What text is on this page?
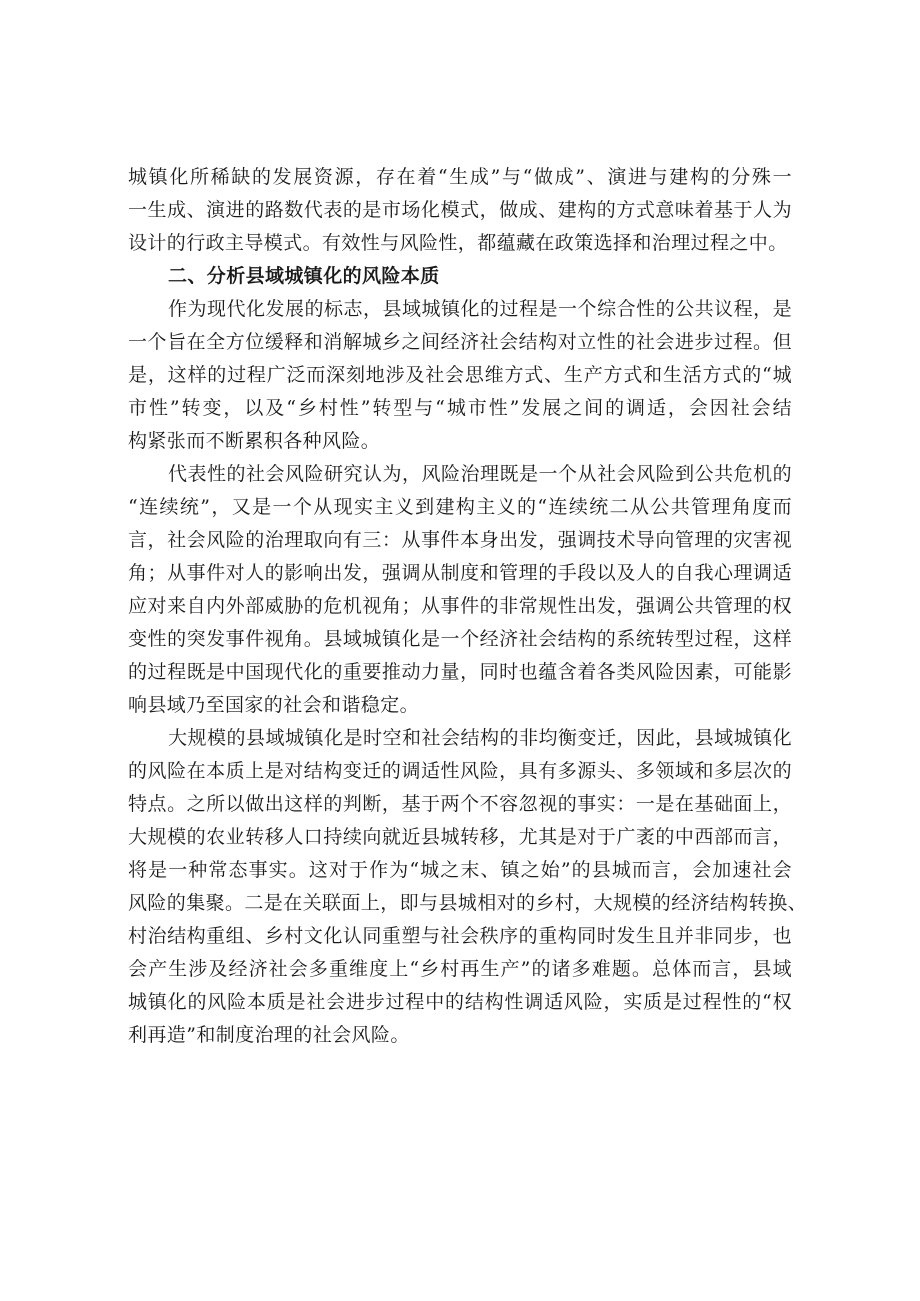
城镇化所稀缺的发展资源，存在着“生成”与“做成”、演进与建构的分殊一
一生成、演进的路数代表的是市场化模式，做成、建构的方式意味着基于人为
设计的行政主导模式。有效性与风险性，都蕴藏在政策选择和治理过程之中。
二、分析县域城镇化的风险本质
作为现代化发展的标志，县域城镇化的过程是一个综合性的公共议程，是
一个旨在全方位缓释和消解城乡之间经济社会结构对立性的社会进步过程。但
是，这样的过程广泛而深刻地涉及社会思维方式、生产方式和生活方式的“城
市性”转变，以及“乡村性”转型与“城市性”发展之间的调适，会因社会结
构紧张而不断累积各种风险。
代表性的社会风险研究认为，风险治理既是一个从社会风险到公共危机的
“连续统”，又是一个从现实主义到建构主义的“连续统二从公共管理角度而
言，社会风险的治理取向有三：从事件本身出发，强调技术导向管理的灾害视
角；从事件对人的影响出发，强调从制度和管理的手段以及人的自我心理调适
应对来自内外部威胁的危机视角；从事件的非常规性出发，强调公共管理的权
变性的突发事件视角。县域城镇化是一个经济社会结构的系统转型过程，这样
的过程既是中国现代化的重要推动力量，同时也蕴含着各类风险因素，可能影
响县域乃至国家的社会和谐稳定。
大规模的县域城镇化是时空和社会结构的非均衡变迁，因此，县域城镇化
的风险在本质上是对结构变迁的调适性风险，具有多源头、多领域和多层次的
特点。之所以做出这样的判断，基于两个不容忽视的事实：一是在基础面上，
大规模的农业转移人口持续向就近县城转移，尤其是对于广袤的中西部而言，
将是一种常态事实。这对于作为“城之末、镇之始”的县城而言，会加速社会
风险的集聚。二是在关联面上，即与县城相对的乡村，大规模的经济结构转换、
村治结构重组、乡村文化认同重塑与社会秩序的重构同时发生且并非同步，也
会产生涉及经济社会多重维度上“乡村再生产”的诸多难题。总体而言，县域
城镇化的风险本质是社会进步过程中的结构性调适风险，实质是过程性的“权
利再造”和制度治理的社会风险。
